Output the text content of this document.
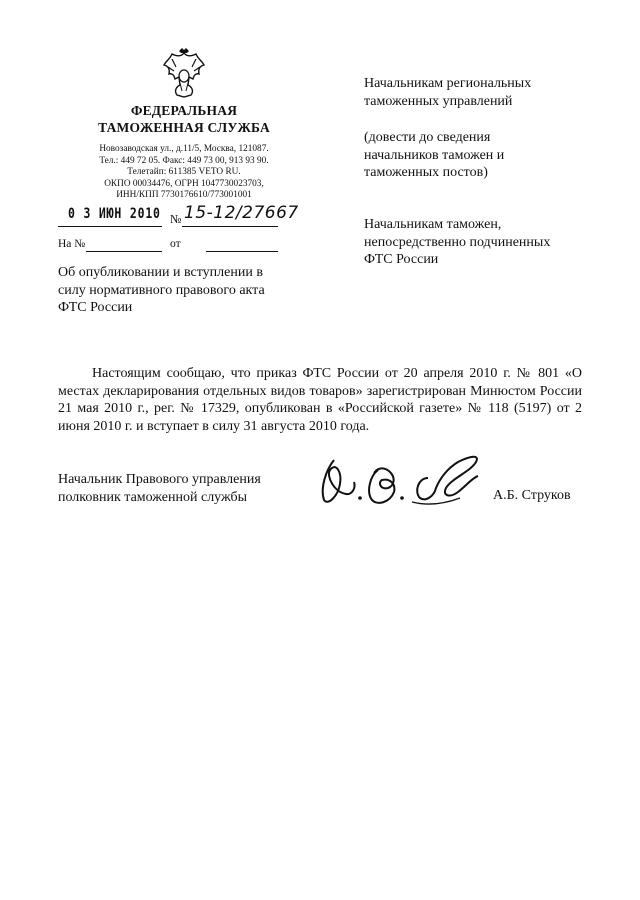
ФЕДЕРАЛЬНАЯ
ТАМОЖЕННАЯ СЛУЖБА
Новозаводская ул., д.11/5, Москва, 121087.
Тел.: 449 72 05. Факс: 449 73 00, 913 93 90.
Телетайп: 611385 VETO RU.
ОКПО 00034476, ОГРН 1047730023703,
ИНН/КПП 7730176610/773001001
0 3 ИЮН 2010 № 15-12/27667
На №	от
Об опубликовании и вступлении в
силу нормативного правового акта
ФТС России
Начальникам региональных
таможенных управлений
(довести до сведения
начальников таможен и
таможенных постов)
Начальникам таможен,
непосредственно подчиненных
ФТС России
Настоящим сообщаю, что приказ ФТС России от 20 апреля 2010 г. № 801 «О местах декларирования отдельных видов товаров» зарегистрирован Минюстом России 21 мая 2010 г., рег. № 17329, опубликован в «Российской газете» № 118 (5197) от 2 июня 2010 г. и вступает в силу 31 августа 2010 года.
Начальник Правового управления
полковник таможенной службы	А.Б. Струков
